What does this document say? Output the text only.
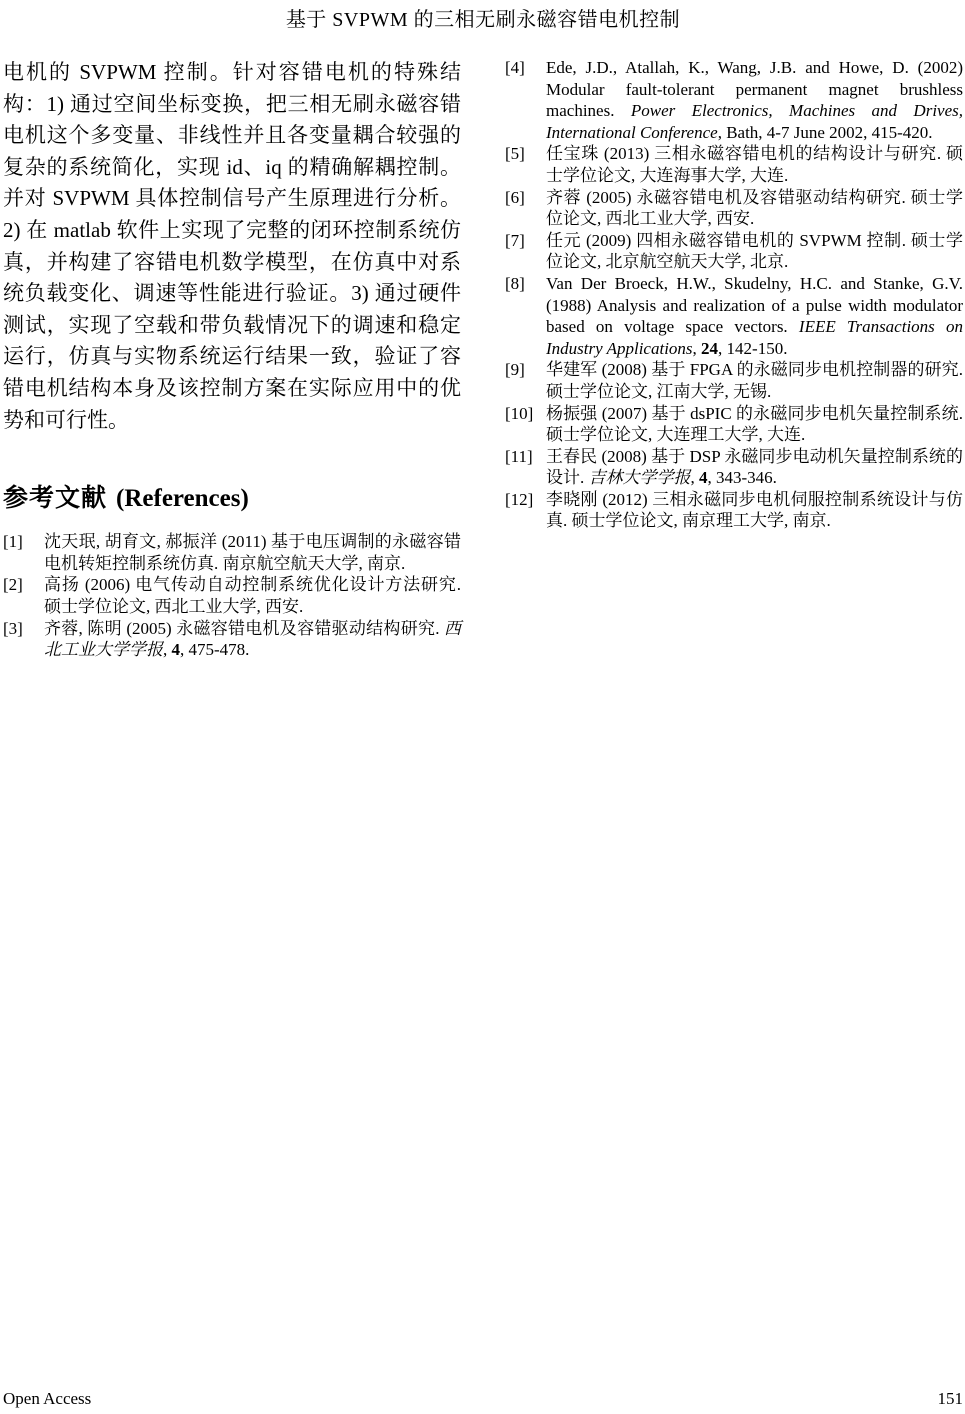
基于 SVPWM 的三相无刷永磁容错电机控制

电机的 SVPWM 控制。针对容错电机的特殊结构：1) 通过空间坐标变换，把三相无刷永磁容错电机这个多变量、非线性并且各变量耦合较强的复杂的系统简化，实现 id、iq 的精确解耦控制。并对 SVPWM 具体控制信号产生原理进行分析。2) 在 matlab 软件上实现了完整的闭环控制系统仿真，并构建了容错电机数学模型，在仿真中对系统负载变化、调速等性能进行验证。3) 通过硬件测试，实现了空载和带负载情况下的调速和稳定运行，仿真与实物系统运行结果一致，验证了容错电机结构本身及该控制方案在实际应用中的优势和可行性。

参考文献 (References)
[1]	沈天珉, 胡育文, 郝振洋 (2011) 基于电压调制的永磁容错电机转矩控制系统仿真. 南京航空航天大学, 南京.
[2]	高扬 (2006) 电气传动自动控制系统优化设计方法研究. 硕士学位论文, 西北工业大学, 西安.
[3]	齐蓉, 陈明 (2005) 永磁容错电机及容错驱动结构研究. 西北工业大学学报, 4, 475-478.
[4]	Ede, J.D., Atallah, K., Wang, J.B. and Howe, D. (2002) Modular fault-tolerant permanent magnet brushless machines. Power Electronics, Machines and Drives, International Conference, Bath, 4-7 June 2002, 415-420.
[5]	任宝珠 (2013) 三相永磁容错电机的结构设计与研究. 硕士学位论文, 大连海事大学, 大连.
[6]	齐蓉 (2005) 永磁容错电机及容错驱动结构研究. 硕士学位论文, 西北工业大学, 西安.
[7]	任元 (2009) 四相永磁容错电机的 SVPWM 控制. 硕士学位论文, 北京航空航天大学, 北京.
[8]	Van Der Broeck, H.W., Skudelny, H.C. and Stanke, G.V. (1988) Analysis and realization of a pulse width modulator based on voltage space vectors. IEEE Transactions on Industry Applications, 24, 142-150.
[9]	华建军 (2008) 基于 FPGA 的永磁同步电机控制器的研究. 硕士学位论文, 江南大学, 无锡.
[10] 杨振强 (2007) 基于 dsPIC 的永磁同步电机矢量控制系统. 硕士学位论文, 大连理工大学, 大连.
[11] 王春民 (2008) 基于 DSP 永磁同步电动机矢量控制系统的设计. 吉林大学学报, 4, 343-346.
[12] 李晓刚 (2012) 三相永磁同步电机伺服控制系统设计与仿真. 硕士学位论文, 南京理工大学, 南京.
Open Access	151
